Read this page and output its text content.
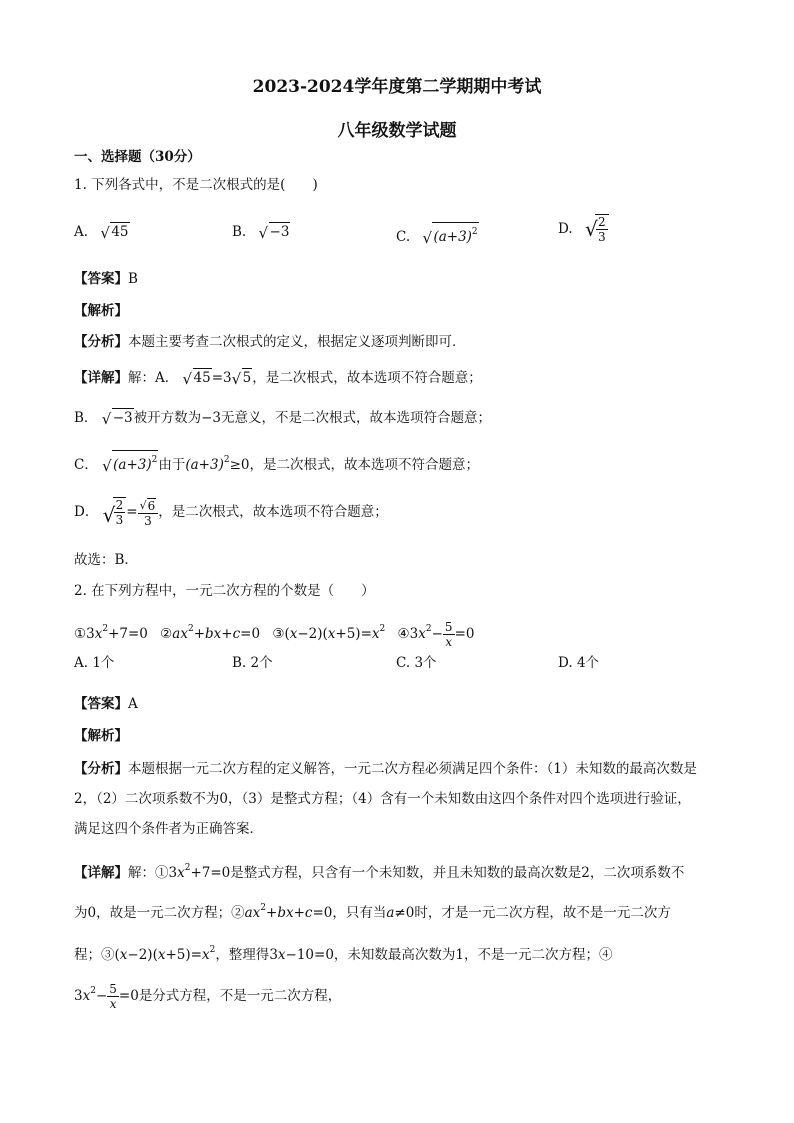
2023-2024学年度第二学期期中考试
八年级数学试题
一、选择题（30分）
1. 下列各式中，不是二次根式的是(　　)
A. √ 45	B. √ −3	C. √ $(a+3)^2$	D. √
$\frac{2}{3}$
【答案】B
【解析】
【分析】本题主要考查二次根式的定义，根据定义逐项判断即可．
【详解】解：A． √ 45=3 √ 5，是二次根式，故本选项不符合题意；
B． √ −3被开方数为−3无意义，不是二次根式，故本选项符合题意；
C． √ $(a+3)^2$由于$(a+3)^2\ge 0$，是二次根式，故本选项不符合题意；
D． √
$\frac{2}{3} = \frac{√ 6}{3}$ ，是二次根式，故本选项不符合题意；
故选：B．
2. 在下列方程中，一元二次方程的个数是（　　）
$①3x^2+7=0$ $②ax^2+bx+c=0$ $③(x-2)(x+5)=x^2$ $④3x^2- \frac{5}{x} =0$
A. 1个	B. 2个	C. 3个	D. 4个
【答案】A
【解析】
【分析】本题根据一元二次方程的定义解答，一元二次方程必须满足四个条件：（1）未知数的最高次数是
2，（2）二次项系数不为0，（3）是整式方程；（4）含有一个未知数由这四个条件对四个选项进行验证，
满足这四个条件者为正确答案．
【详解】解：$①3x^2+7=0$是整式方程，只含有一个未知数，并且未知数的最高次数是2，二次项系数不
为0，故是一元二次方程；$②ax^2+bx+c=0$，只有当a≠0时，才是一元二次方程，故不是一元二次方
程；$③(x-2)(x+5)=x^2$，整理得3x−10=0，未知数最高次数为1，不是一元二次方程；④
$3x^2- \frac{5}{x} =0$是分式方程，不是一元二次方程，
